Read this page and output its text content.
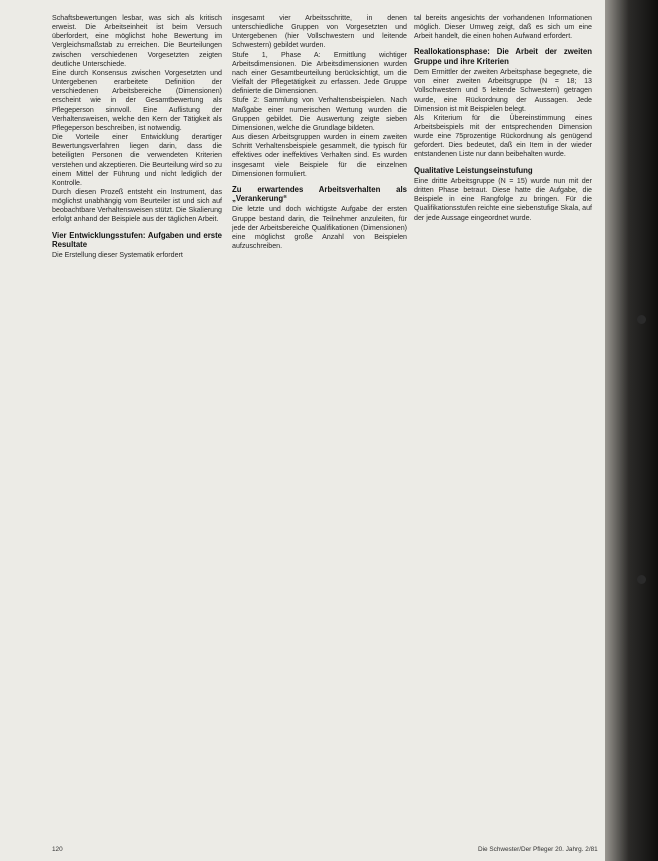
Schaftsbewertungen lesbar, was sich als kritisch erweist. Die Arbeitseinheit ist beim Versuch überfordert, eine möglichst hohe Bewertung im Vergleichsmaßstab zu erreichen. Die Beurteilungen zwischen verschiedenen Vorgesetzten zeigten deutliche Unterschiede.

Eine durch Konsensus zwischen Vorgesetzten und Untergebenen erarbeitete Definition der verschiedenen Arbeitsbereiche (Dimensionen) erscheint wie in der Gesamtbewertung als Pflegeperson sinnvoll. Eine Auflistung der Verhaltensweisen, welche den Kern der Tätigkeit als Pflegeperson beschreiben, ist notwendig.

Die Vorteile einer Entwicklung derartiger Bewertungsverfahren liegen darin, dass die beteiligten Personen die verwendeten Kriterien verstehen und akzeptieren. Die Beurteilung wird so zu einem Mittel der Führung und nicht lediglich der Kontrolle.

Durch diesen Prozeß entsteht ein Instrument, das möglichst unabhängig vom Beurteiler ist und sich auf beobachtbare Verhaltensweisen stützt. Die Skalierung erfolgt anhand der Beispiele aus der täglichen Arbeit.

Vier Entwicklungsstufen: Aufgaben und erste Resultate

Die Erstellung dieser Systematik erfordert

insgesamt vier Arbeitsschritte, in denen unterschiedliche Gruppen von Vorgesetzten und Untergebenen (hier Vollschwestern und leitende Schwestern) gebildet wurden.

Stufe 1, Phase A: Ermittlung wichtiger Arbeitsdimensionen. Die Arbeitsdimensionen wurden nach einer Gesamtbeurteilung berücksichtigt, um die Vielfalt der Pflegetätigkeit zu erfassen. Jede Gruppe definierte die Dimensionen.

Stufe 2: Sammlung von Verhaltensbeispielen. Nach Maßgabe einer numerischen Wertung wurden die Gruppen gebildet. Die Auswertung zeigte sieben Dimensionen, welche die Grundlage bildeten.

Aus diesen Arbeitsgruppen wurden in einem zweiten Schritt Verhaltensbeispiele gesammelt, die typisch für effektives oder ineffektives Verhalten sind. Es wurden insgesamt viele Beispiele für die einzelnen Dimensionen formuliert.

Zu erwartendes Arbeitsverhalten als „Verankerung“

Die letzte und doch wichtigste Aufgabe der ersten Gruppe bestand darin, die Teilnehmer anzuleiten, für jede der Arbeitsbereiche Qualifikationen (Dimensionen) eine möglichst große Anzahl von Beispielen aufzuschreiben.

tal bereits angesichts der vorhandenen Informationen möglich. Dieser Umweg zeigt, daß es sich um eine Arbeit handelt, die einen hohen Aufwand erfordert.

Reallokationsphase: Die Arbeit der zweiten Gruppe und ihre Kriterien

Dem Ermittler der zweiten Arbeitsphase begegnete, die von einer zweiten Arbeitsgruppe (N = 18; 13 Vollschwestern und 5 leitende Schwestern) getragen wurde, eine Rückordnung der Aussagen. Jede Dimension ist mit Beispielen belegt.

Als Kriterium für die Übereinstimmung eines Arbeitsbeispiels mit der entsprechenden Dimension wurde eine 75prozentige Rückordnung als genügend gefordert. Dies bedeutet, daß ein Item in der wieder entstandenen Liste nur dann beibehalten wurde.

Qualitative Leistungseinstufung

Eine dritte Arbeitsgruppe (N = 15) wurde nun mit der dritten Phase betraut. Diese hatte die Aufgabe, die Beispiele in eine Rangfolge zu bringen. Für die Qualifikationsstufen reichte eine siebenstufige Skala, auf der jede Aussage eingeordnet wurde.

120	Die Schwester/Der Pfleger 20. Jahrg. 2/81
